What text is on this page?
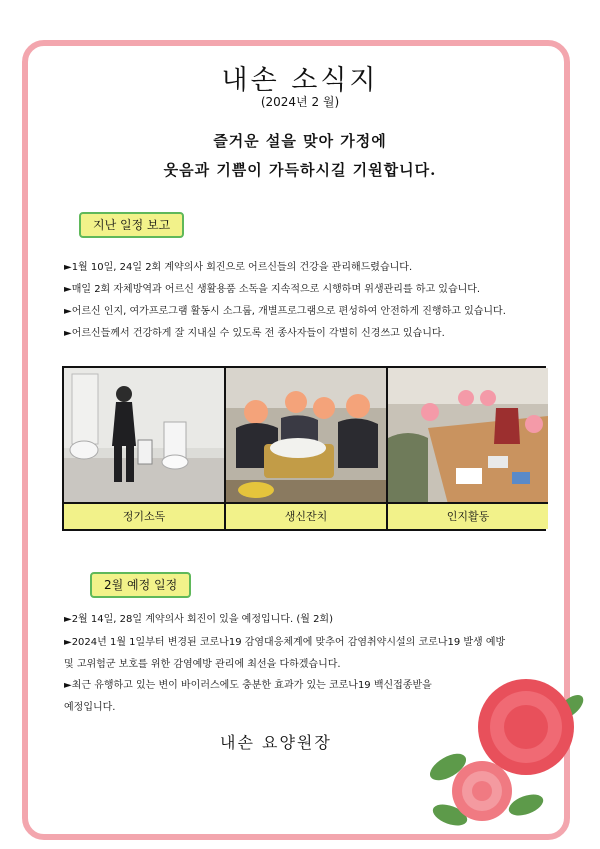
내손 소식지
(2024년 2 월)
즐거운 설을 맞아 가정에
웃음과 기쁨이 가득하시길 기원합니다.
지난 일정 보고
►1월 10일, 24일 2회 계약의사 회진으로 어르신들의 건강을 관리해드렸습니다.
►매일 2회 자체방역과 어르신 생활용품 소독을 지속적으로 시행하며 위생관리를 하고 있습니다.
►어르신 인지, 여가프로그램 활동시 소그룹, 개별프로그램으로 편성하여 안전하게 진행하고 있습니다.
►어르신들께서 건강하게 잘 지내실 수 있도록 전 종사자들이 각별히 신경쓰고 있습니다.
정기소독	생신잔치	인지활동
2월 예정 일정
►2월 14일, 28일 계약의사 회진이 있을 예정입니다. (월 2회)
►2024년 1월 1일부터 변경된 코로나19 감염대응체계에 맞추어 감염취약시설의 코로나19 발생 예방
및 고위험군 보호를 위한 감염예방 관리에 최선을 다하겠습니다.
►최근 유행하고 있는 변이 바이러스에도 충분한 효과가 있는 코로나19 백신접종받을
예정입니다.
내손 요양원장
